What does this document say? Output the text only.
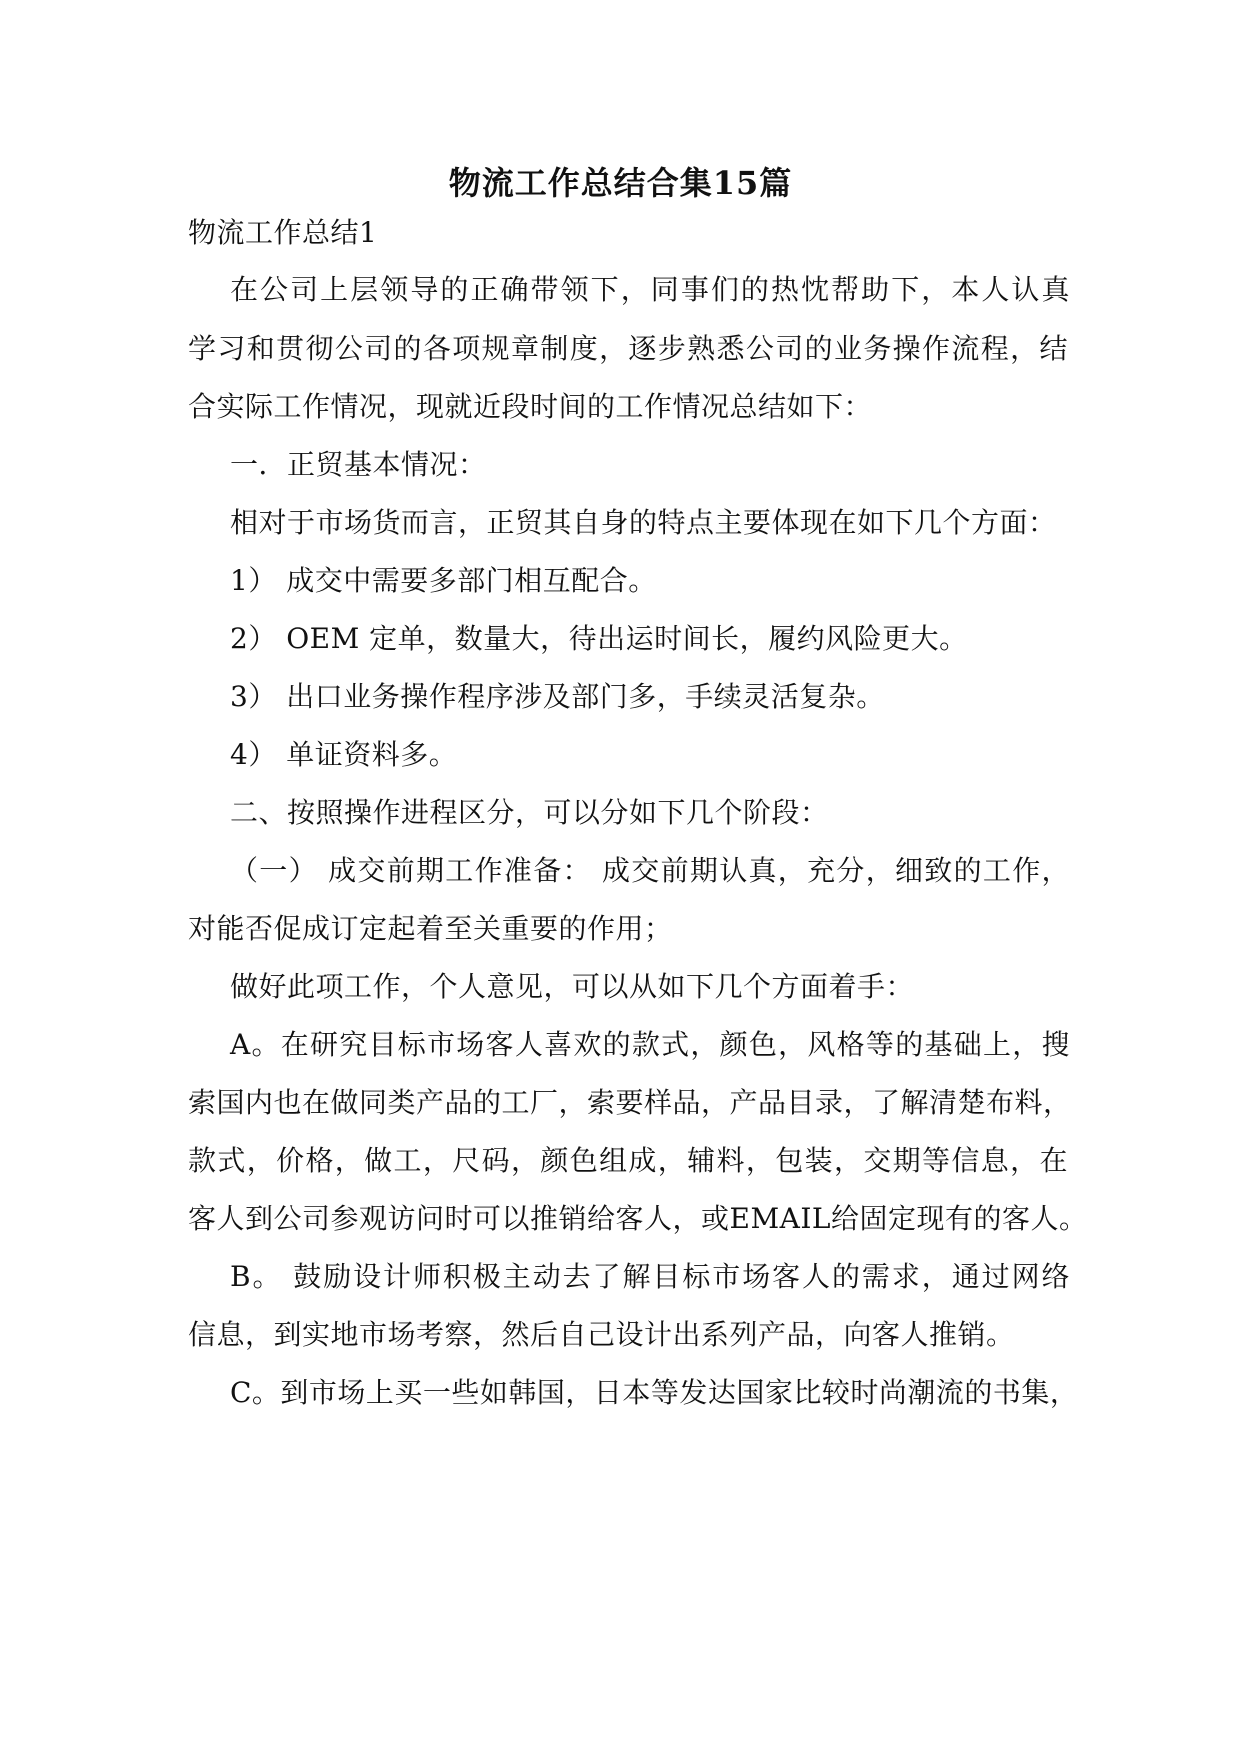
物流工作总结合集15篇
物流工作总结1
在公司上层领导的正确带领下，同事们的热忱帮助下，本人认真
学习和贯彻公司的各项规章制度，逐步熟悉公司的业务操作流程，结
合实际工作情况，现就近段时间的工作情况总结如下：
一．正贸基本情况：
相对于市场货而言，正贸其自身的特点主要体现在如下几个方面：
1） 成交中需要多部门相互配合。
2） OEM 定单，数量大，待出运时间长，履约风险更大。
3） 出口业务操作程序涉及部门多，手续灵活复杂。
4） 单证资料多。
二、按照操作进程区分，可以分如下几个阶段：
（一） 成交前期工作准备： 成交前期认真，充分，细致的工作，
对能否促成订定起着至关重要的作用；
做好此项工作，个人意见，可以从如下几个方面着手：
A。在研究目标市场客人喜欢的款式，颜色，风格等的基础上，搜
索国内也在做同类产品的工厂，索要样品，产品目录，了解清楚布料，
款式，价格，做工，尺码，颜色组成，辅料，包装，交期等信息，在
客人到公司参观访问时可以推销给客人，或EMAIL给固定现有的客人。
B。 鼓励设计师积极主动去了解目标市场客人的需求，通过网络
信息，到实地市场考察，然后自己设计出系列产品，向客人推销。
C。到市场上买一些如韩国，日本等发达国家比较时尚潮流的书集，
